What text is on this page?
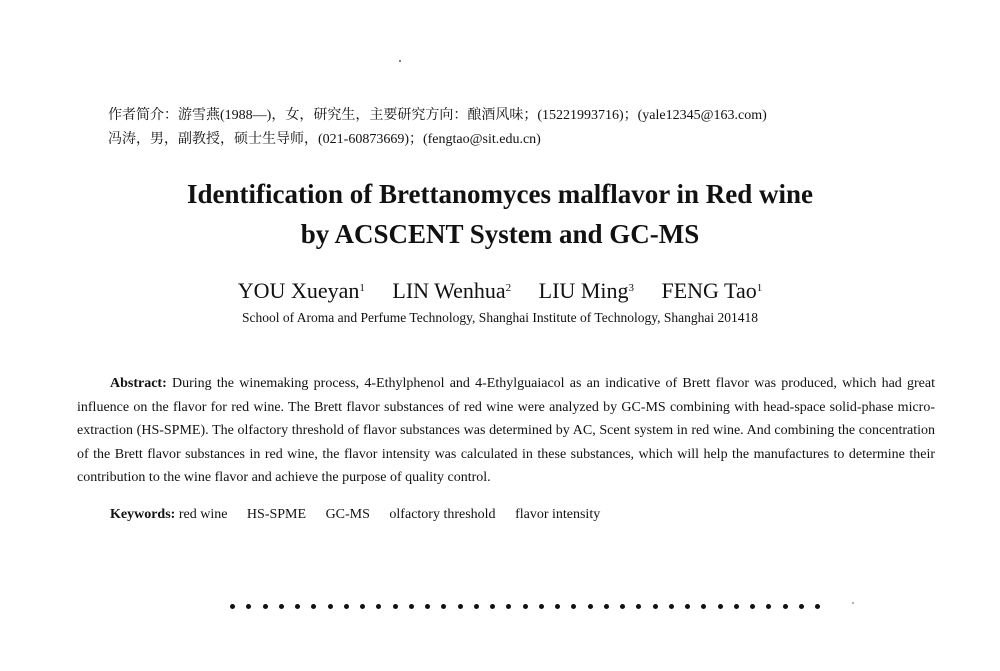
作者简介：游雪燕(1988—)，女，研究生，主要研究方向：酿酒风味；(15221993716)；(yale12345@163.com)
冯涛，男，副教授，硕士生导师，(021-60873669)；(fengtao@sit.edu.cn)
Identification of Brettanomyces malflavor in Red wine
by ACSCENT System and GC-MS
YOU Xueyan$^1$ LIN Wenhua$^2$ LIU Ming$^3$ FENG Tao$^1$
School of Aroma and Perfume Technology, Shanghai Institute of Technology, Shanghai 201418

Abstract: During the winemaking process, 4-Ethylphenol and 4-Ethylguaiacol as an indicative of Brett flavor was produced, which had great influence on the flavor for red wine. The Brett flavor substances of red wine were analyzed by GC-MS combining with head-space solid-phase micro-extraction (HS-SPME). The olfactory threshold of flavor substances was determined by AC, Scent system in red wine. And combining the concentration of the Brett flavor substances in red wine, the flavor intensity was calculated in these substances, which will help the manufactures to determine their contribution to the wine flavor and achieve the purpose of quality control.

Keywords: red wine HS-SPME GC-MS olfactory threshold flavor intensity
